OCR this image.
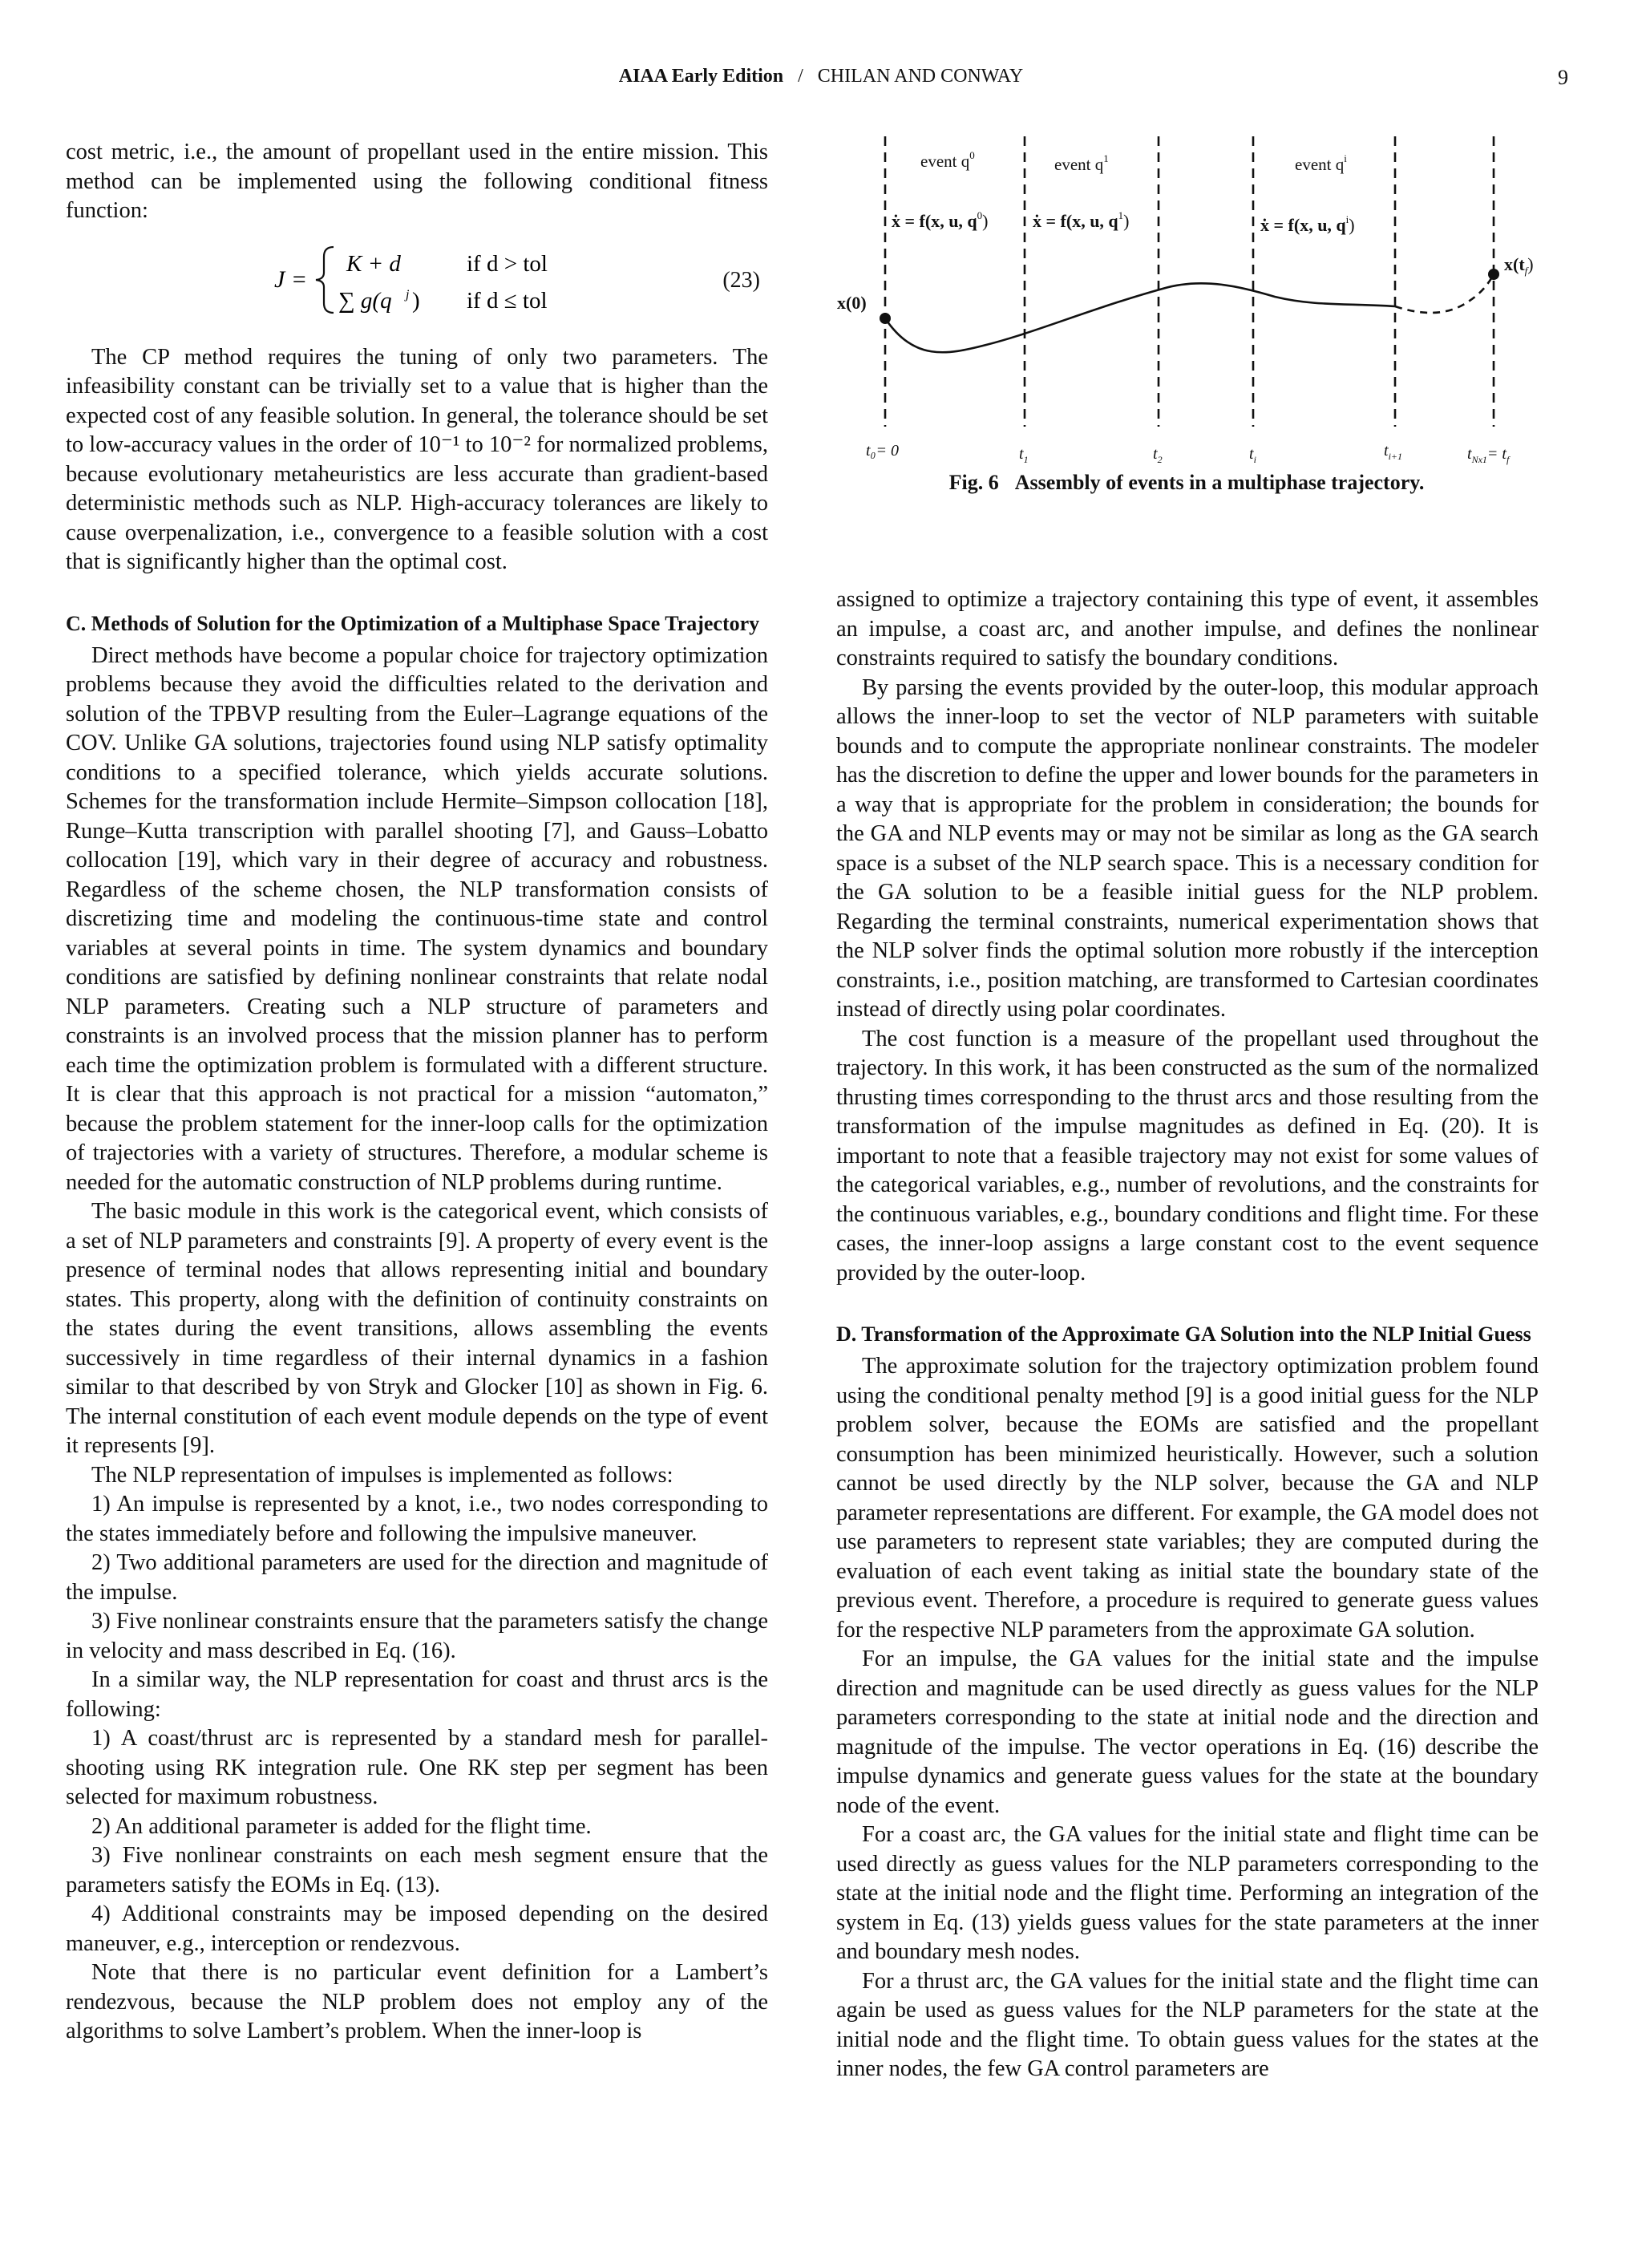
AIAA Early Edition / CHILAN AND CONWAY	9

cost metric, i.e., the amount of propellant used in the entire mission. This method can be implemented using the following conditional fitness function:

J =
K + d	if d > tol
∑ g(q j ) if d ≤ tol
(23)

The CP method requires the tuning of only two parameters. The infeasibility constant can be trivially set to a value that is higher than the expected cost of any feasible solution. In general, the tolerance should be set to low-accuracy values in the order of 10⁻¹ to 10⁻² for normalized problems, because evolutionary metaheuristics are less accurate than gradient-based deterministic methods such as NLP. High-accuracy tolerances are likely to cause overpenalization, i.e., convergence to a feasible solution with a cost that is significantly higher than the optimal cost.

C. Methods of Solution for the Optimization of a Multiphase Space Trajectory

Direct methods have become a popular choice for trajectory optimization problems because they avoid the difficulties related to the derivation and solution of the TPBVP resulting from the Euler–Lagrange equations of the COV. Unlike GA solutions, trajectories found using NLP satisfy optimality conditions to a specified tolerance, which yields accurate solutions. Schemes for the transformation include Hermite–Simpson collocation [18], Runge–Kutta transcription with parallel shooting [7], and Gauss–Lobatto collocation [19], which vary in their degree of accuracy and robustness. Regardless of the scheme chosen, the NLP transformation consists of discretizing time and modeling the continuous-time state and control variables at several points in time. The system dynamics and boundary conditions are satisfied by defining nonlinear constraints that relate nodal NLP parameters. Creating such a NLP structure of parameters and constraints is an involved process that the mission planner has to perform each time the optimization problem is formulated with a different structure. It is clear that this approach is not practical for a mission “automaton,” because the problem statement for the inner-loop calls for the optimization of trajectories with a variety of structures. Therefore, a modular scheme is needed for the automatic construction of NLP problems during runtime.

The basic module in this work is the categorical event, which consists of a set of NLP parameters and constraints [9]. A property of every event is the presence of terminal nodes that allows representing initial and boundary states. This property, along with the definition of continuity constraints on the states during the event transitions, allows assembling the events successively in time regardless of their internal dynamics in a fashion similar to that described by von Stryk and Glocker [10] as shown in Fig. 6. The internal constitution of each event module depends on the type of event it represents [9].

The NLP representation of impulses is implemented as follows:

1) An impulse is represented by a knot, i.e., two nodes corresponding to the states immediately before and following the impulsive maneuver.

2) Two additional parameters are used for the direction and magnitude of the impulse.

3) Five nonlinear constraints ensure that the parameters satisfy the change in velocity and mass described in Eq. (16).

In a similar way, the NLP representation for coast and thrust arcs is the following:

1) A coast/thrust arc is represented by a standard mesh for parallel-shooting using RK integration rule. One RK step per segment has been selected for maximum robustness.

2) An additional parameter is added for the flight time.

3) Five nonlinear constraints on each mesh segment ensure that the parameters satisfy the EOMs in Eq. (13).

4) Additional constraints may be imposed depending on the desired maneuver, e.g., interception or rendezvous.

Note that there is no particular event definition for a Lambert’s rendezvous, because the NLP problem does not employ any of the algorithms to solve Lambert’s problem. When the inner-loop is

event $q^0$	event $q^1$	event $q^i$
ẋ = f(x, u, $q^0$)	ẋ = f(x, u, $q^1$)	ẋ = f(x, u, $q^i$)
x(0)
$x(t_f)$
t₀= 0	$t_1$	$t_2$	$t_i$	$t_{i+1}$	$t_{Nx1}= t_f$
Fig. 6 Assembly of events in a multiphase trajectory.

assigned to optimize a trajectory containing this type of event, it assembles an impulse, a coast arc, and another impulse, and defines the nonlinear constraints required to satisfy the boundary conditions.

By parsing the events provided by the outer-loop, this modular approach allows the inner-loop to set the vector of NLP parameters with suitable bounds and to compute the appropriate nonlinear constraints. The modeler has the discretion to define the upper and lower bounds for the parameters in a way that is appropriate for the problem in consideration; the bounds for the GA and NLP events may or may not be similar as long as the GA search space is a subset of the NLP search space. This is a necessary condition for the GA solution to be a feasible initial guess for the NLP problem. Regarding the terminal constraints, numerical experimentation shows that the NLP solver finds the optimal solution more robustly if the interception constraints, i.e., position matching, are transformed to Cartesian coordinates instead of directly using polar coordinates.

The cost function is a measure of the propellant used throughout the trajectory. In this work, it has been constructed as the sum of the normalized thrusting times corresponding to the thrust arcs and those resulting from the transformation of the impulse magnitudes as defined in Eq. (20). It is important to note that a feasible trajectory may not exist for some values of the categorical variables, e.g., number of revolutions, and the constraints for the continuous variables, e.g., boundary conditions and flight time. For these cases, the inner-loop assigns a large constant cost to the event sequence provided by the outer-loop.

D. Transformation of the Approximate GA Solution into the NLP Initial Guess

The approximate solution for the trajectory optimization problem found using the conditional penalty method [9] is a good initial guess for the NLP problem solver, because the EOMs are satisfied and the propellant consumption has been minimized heuristically. However, such a solution cannot be used directly by the NLP solver, because the GA and NLP parameter representations are different. For example, the GA model does not use parameters to represent state variables; they are computed during the evaluation of each event taking as initial state the boundary state of the previous event. Therefore, a procedure is required to generate guess values for the respective NLP parameters from the approximate GA solution.

For an impulse, the GA values for the initial state and the impulse direction and magnitude can be used directly as guess values for the NLP parameters corresponding to the state at initial node and the direction and magnitude of the impulse. The vector operations in Eq. (16) describe the impulse dynamics and generate guess values for the state at the boundary node of the event.

For a coast arc, the GA values for the initial state and flight time can be used directly as guess values for the NLP parameters corresponding to the state at the initial node and the flight time. Performing an integration of the system in Eq. (13) yields guess values for the state parameters at the inner and boundary mesh nodes.

For a thrust arc, the GA values for the initial state and the flight time can again be used as guess values for the NLP parameters for the state at the initial node and the flight time. To obtain guess values for the states at the inner nodes, the few GA control parameters are
